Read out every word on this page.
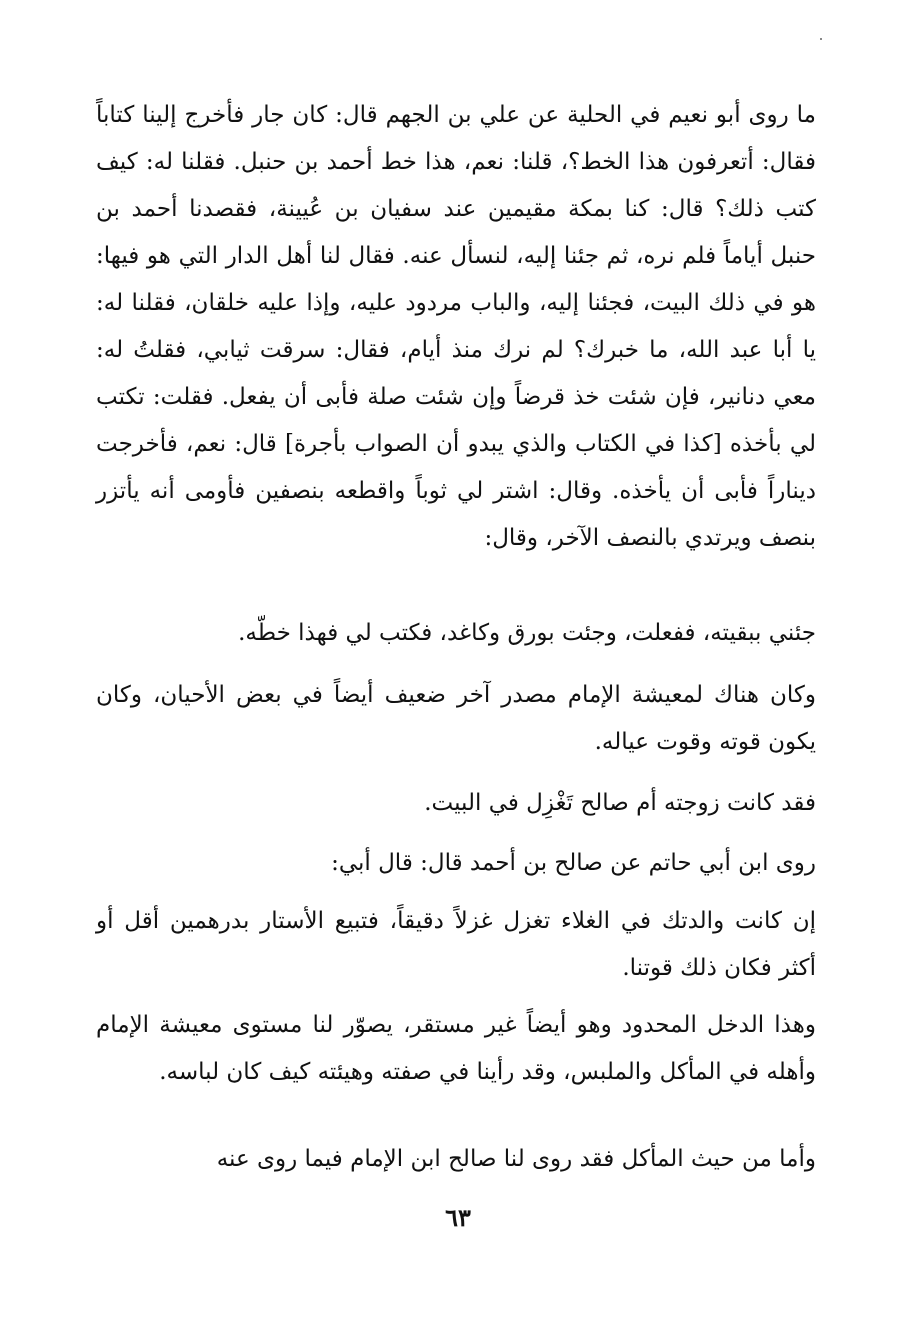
ما روى أبو نعيم في الحلية عن علي بن الجهم قال: كان جار فأخرج إلينا كتاباً فقال: أتعرفون هذا الخط؟، قلنا: نعم، هذا خط أحمد بن حنبل. فقلنا له: كيف كتب ذلك؟ قال: كنا بمكة مقيمين عند سفيان بن عُيينة، فقصدنا أحمد بن حنبل أياماً فلم نره، ثم جئنا إليه، لنسأل عنه. فقال لنا أهل الدار التي هو فيها: هو في ذلك البيت، فجئنا إليه، والباب مردود عليه، وإذا عليه خلقان، فقلنا له: يا أبا عبد الله، ما خبرك؟ لم نرك منذ أيام، فقال: سرقت ثيابي، فقلتُ له: معي دنانير، فإن شئت خذ قرضاً وإن شئت صلة فأبى أن يفعل. فقلت: تكتب لي بأخذه [كذا في الكتاب والذي يبدو أن الصواب بأجرة] قال: نعم، فأخرجت ديناراً فأبى أن يأخذه. وقال: اشتر لي ثوباً واقطعه بنصفين فأومى أنه يأتزر بنصف ويرتدي بالنصف الآخر، وقال:

جئني ببقيته، ففعلت، وجئت بورق وكاغد، فكتب لي فهذا خطّه.

وكان هناك لمعيشة الإمام مصدر آخر ضعيف أيضاً في بعض الأحيان، وكان يكون قوته وقوت عياله.

فقد كانت زوجته أم صالح تَغْزِل في البيت.

روى ابن أبي حاتم عن صالح بن أحمد قال: قال أبي:

إن كانت والدتك في الغلاء تغزل غزلاً دقيقاً، فتبيع الأستار بدرهمين أقل أو أكثر فكان ذلك قوتنا.

وهذا الدخل المحدود وهو أيضاً غير مستقر، يصوّر لنا مستوى معيشة الإمام وأهله في المأكل والملبس، وقد رأينا في صفته وهيئته كيف كان لباسه.

وأما من حيث المأكل فقد روى لنا صالح ابن الإمام فيما روى عنه

٦٣
